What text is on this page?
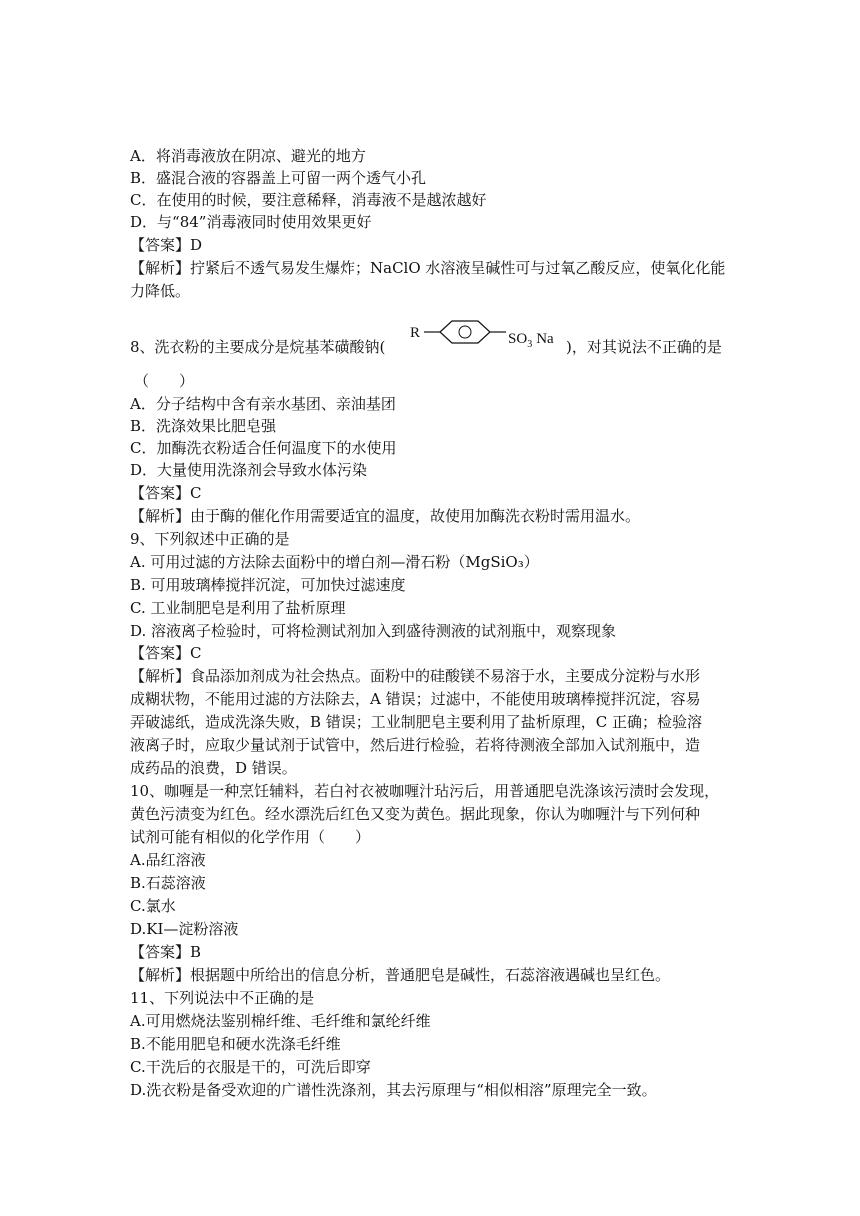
A．将消毒液放在阴凉、避光的地方
B．盛混合液的容器盖上可留一两个透气小孔
C．在使用的时候，要注意稀释，消毒液不是越浓越好
D．与“84”消毒液同时使用效果更好
【答案】D
【解析】拧紧后不透气易发生爆炸；NaClO 水溶液呈碱性可与过氧乙酸反应，使氧化化能
力降低。
8、洗衣粉的主要成分是烷基苯磺酸钠(
R	$SO_3$ Na )，对其说法不正确的是
（　　）
A．分子结构中含有亲水基团、亲油基团
B．洗涤效果比肥皂强
C．加酶洗衣粉适合任何温度下的水使用
D．大量使用洗涤剂会导致水体污染
【答案】C
【解析】由于酶的催化作用需要适宜的温度，故使用加酶洗衣粉时需用温水。
9、下列叙述中正确的是
A. 可用过滤的方法除去面粉中的增白剂—滑石粉（MgSiO₃）
B. 可用玻璃棒搅拌沉淀，可加快过滤速度
C. 工业制肥皂是利用了盐析原理
D. 溶液离子检验时，可将检测试剂加入到盛待测液的试剂瓶中，观察现象
【答案】C
【解析】食品添加剂成为社会热点。面粉中的硅酸镁不易溶于水，主要成分淀粉与水形
成糊状物，不能用过滤的方法除去，A 错误；过滤中，不能使用玻璃棒搅拌沉淀，容易
弄破滤纸，造成洗涤失败，B 错误；工业制肥皂主要利用了盐析原理，C 正确；检验溶
液离子时，应取少量试剂于试管中，然后进行检验，若将待测液全部加入试剂瓶中，造
成药品的浪费，D 错误。
10、咖喱是一种烹饪辅料，若白衬衣被咖喱汁玷污后，用普通肥皂洗涤该污渍时会发现，
黄色污渍变为红色。经水漂洗后红色又变为黄色。据此现象，你认为咖喱汁与下列何种
试剂可能有相似的化学作用（　　）
A.品红溶液
B.石蕊溶液
C.氯水
D.KI—淀粉溶液
【答案】B
【解析】根据题中所给出的信息分析，普通肥皂是碱性，石蕊溶液遇碱也呈红色。
11、下列说法中不正确的是
A.可用燃烧法鉴别棉纤维、毛纤维和氯纶纤维
B.不能用肥皂和硬水洗涤毛纤维
C.干洗后的衣服是干的，可洗后即穿
D.洗衣粉是备受欢迎的广谱性洗涤剂，其去污原理与“相似相溶”原理完全一致。
